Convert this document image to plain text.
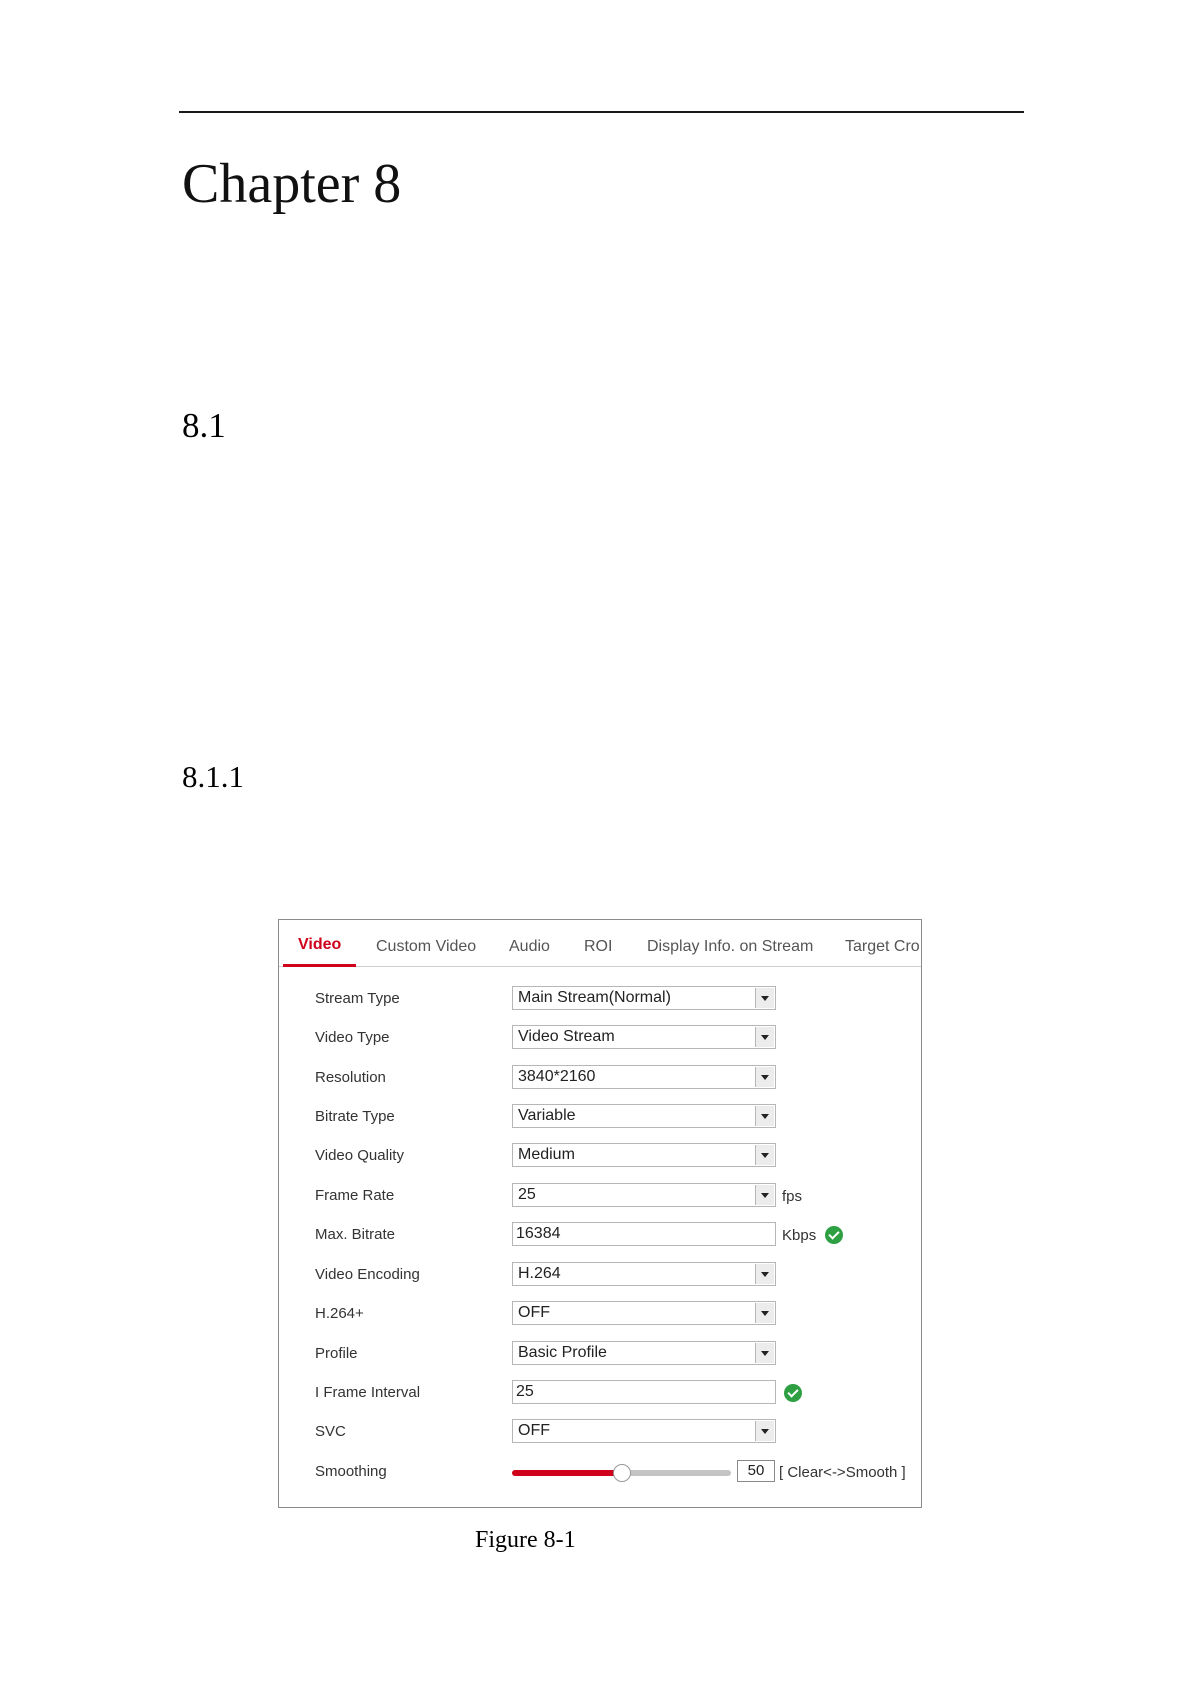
Chapter 8
8.1
8.1.1
Video	Custom Video Audio ROI Display Info. on Stream Target Cro
Stream Type	Main Stream(Normal)
Video Type	Video Stream
Resolution	3840*2160
Bitrate Type	Variable
Video Quality	Medium
Frame Rate	25	fps
Max. Bitrate	16384	Kbps
Video Encoding	H.264
H.264+	OFF
Profile	Basic Profile
I Frame Interval	25
SVC	OFF
Smoothing	50 [ Clear<->Smooth ]

Figure 8-1
